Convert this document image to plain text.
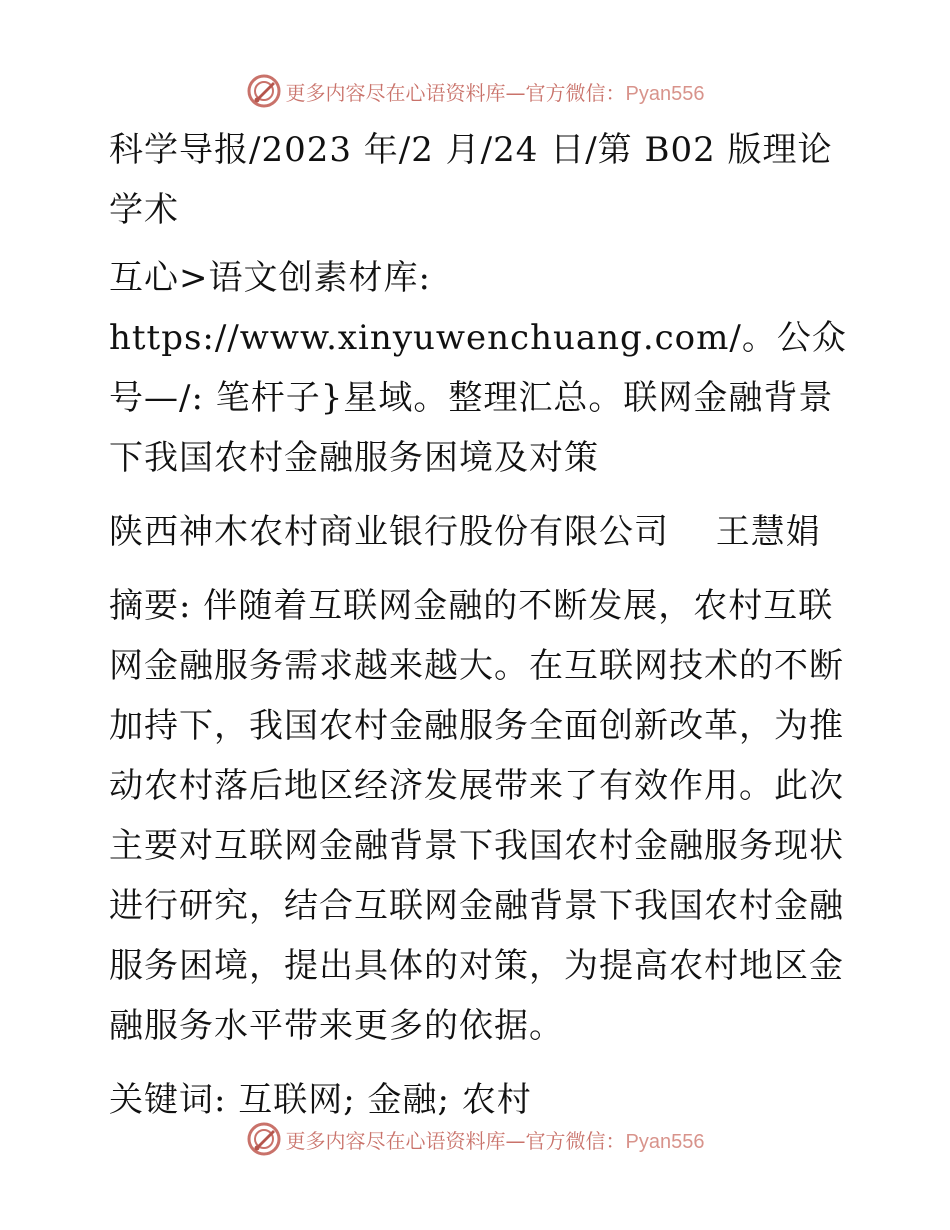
更多内容尽在心语资料库—官方微信：Pyan556

科学导报/2023 年/2 月/24 日/第 B02 版理论学术

互心>语文创素材库: https://www.xinyuwenchuang.com/。公众号—/: 笔杆子}星域。整理汇总。联网金融背景下我国农村金融服务困境及对策

陕西神木农村商业银行股份有限公司　 王慧娟

摘要: 伴随着互联网金融的不断发展，农村互联网金融服务需求越来越大。在互联网技术的不断加持下，我国农村金融服务全面创新改革，为推动农村落后地区经济发展带来了有效作用。此次主要对互联网金融背景下我国农村金融服务现状进行研究，结合互联网金融背景下我国农村金融服务困境，提出具体的对策，为提高农村地区金融服务水平带来更多的依据。

关键词: 互联网; 金融; 农村

更多内容尽在心语资料库—官方微信：Pyan556
